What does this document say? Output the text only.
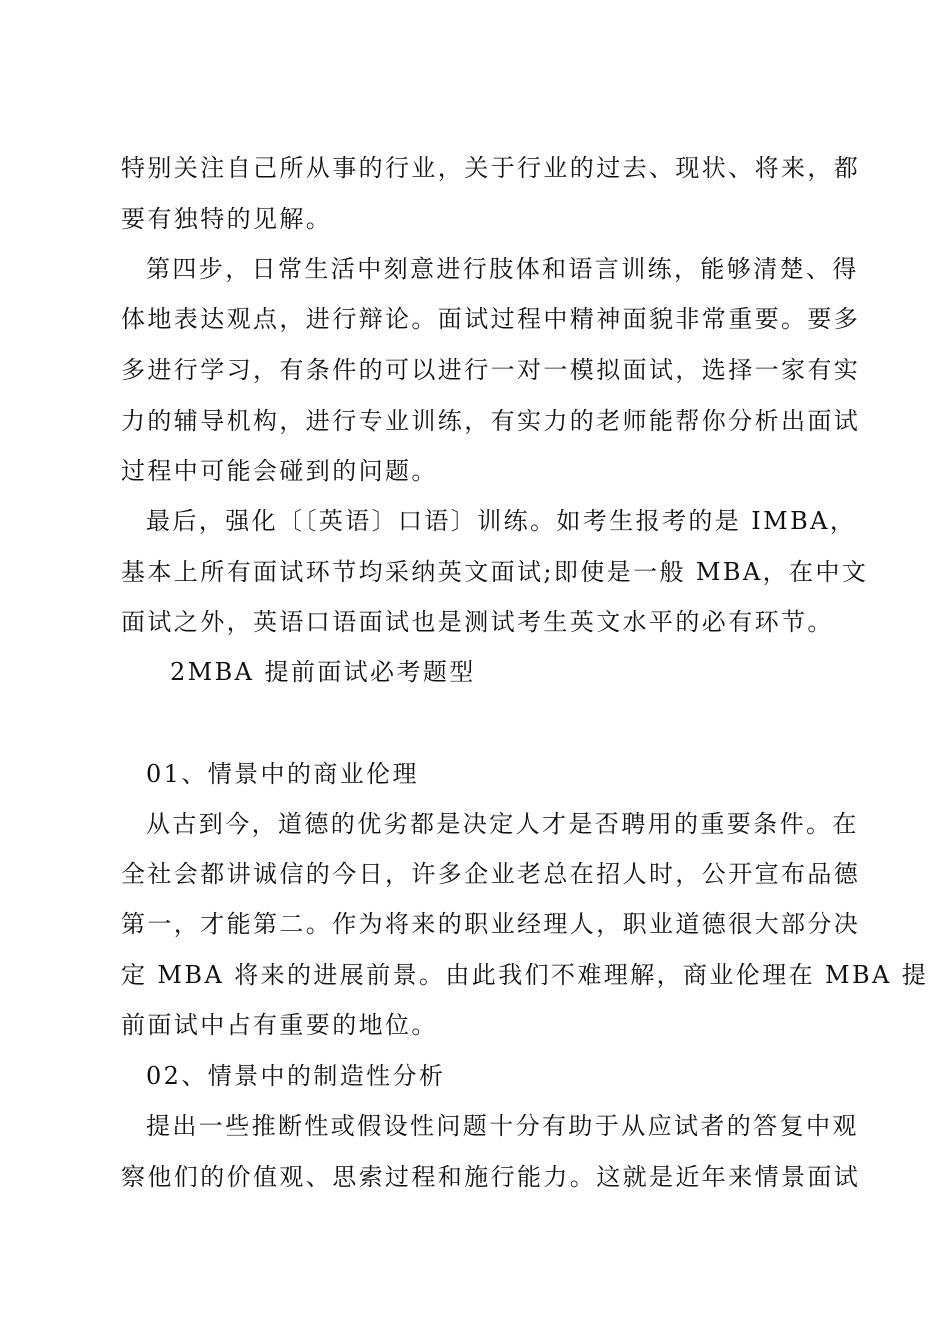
特别关注自己所从事的行业，关于行业的过去、现状、将来，都
要有独特的见解。
第四步，日常生活中刻意进行肢体和语言训练，能够清楚、得
体地表达观点，进行辩论。面试过程中精神面貌非常重要。要多
多进行学习，有条件的可以进行一对一模拟面试，选择一家有实
力的辅导机构，进行专业训练，有实力的老师能帮你分析出面试
过程中可能会碰到的问题。
最后，强化〔〔英语〕口语〕训练。如考生报考的是 IMBA，
基本上所有面试环节均采纳英文面试;即使是一般 MBA，在中文
面试之外，英语口语面试也是测试考生英文水平的必有环节。
2MBA 提前面试必考题型
01、情景中的商业伦理
从古到今，道德的优劣都是决定人才是否聘用的重要条件。在
全社会都讲诚信的今日，许多企业老总在招人时，公开宣布品德
第一，才能第二。作为将来的职业经理人，职业道德很大部分决
定 MBA 将来的进展前景。由此我们不难理解，商业伦理在 MBA 提
前面试中占有重要的地位。
02、情景中的制造性分析
提出一些推断性或假设性问题十分有助于从应试者的答复中观
察他们的价值观、思索过程和施行能力。这就是近年来情景面试
